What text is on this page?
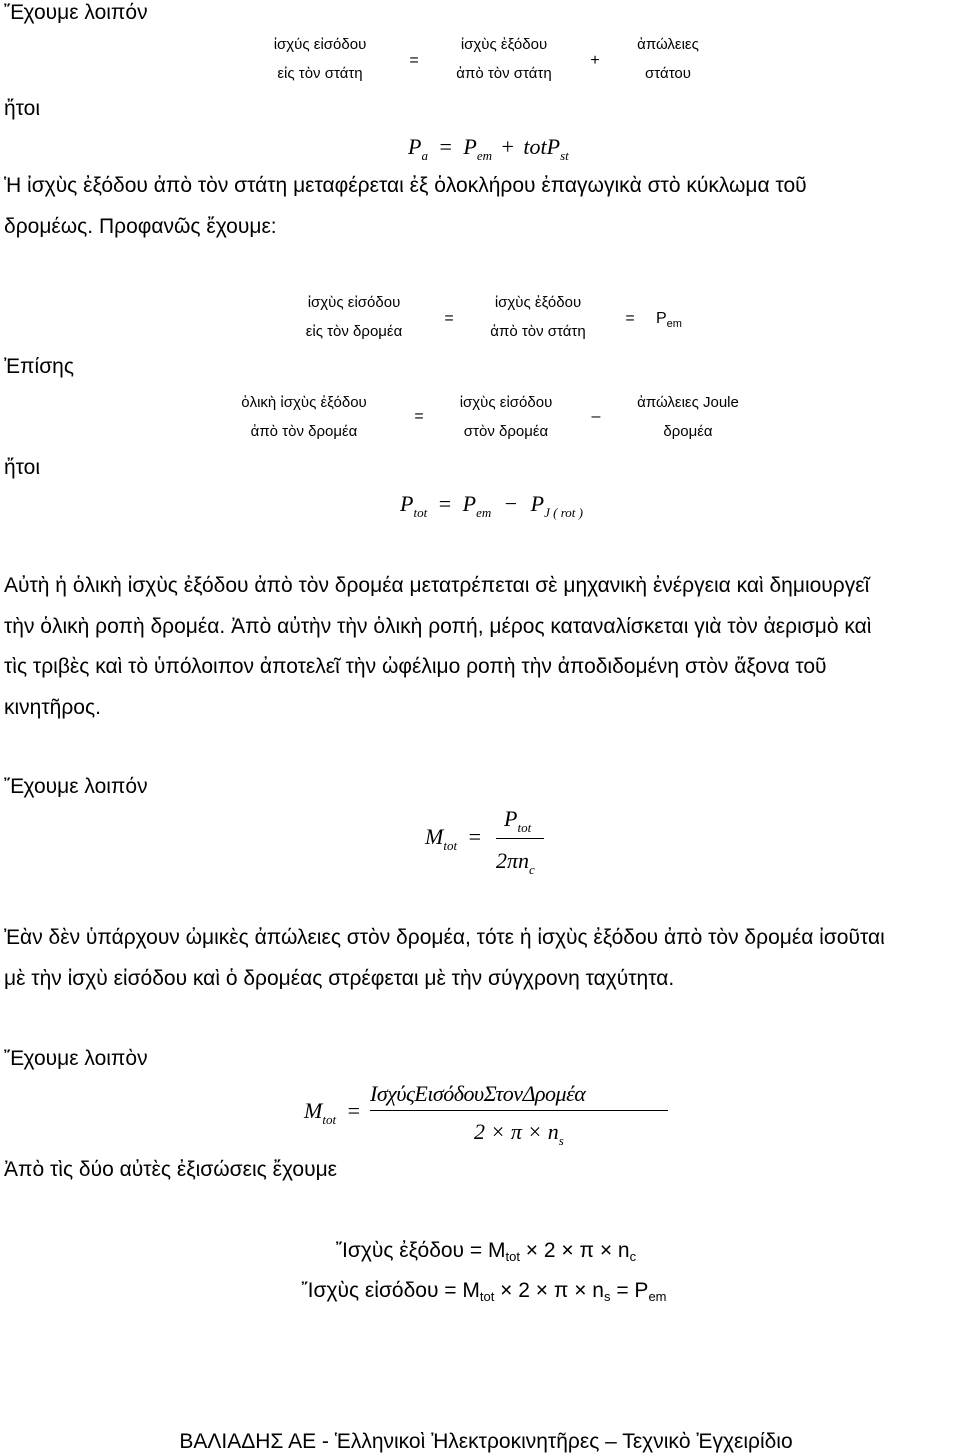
Ἔχουμε λοιπόν
ἰσχύς εἰσόδου
εἰς τὸν στάτη
=
ἰσχὺς ἐξόδου
ἀπὸ τὸν στάτη
+
ἀπώλειες
στάτου
ἤτοι
$P_a = P_{em}$ + totP$_{st}$
Ἡ ἰσχὺς ἐξόδου ἀπὸ τὸν στάτη μεταφέρεται ἐξ ὁλοκλήρου ἐπαγωγικὰ στὸ κύκλωμα τοῦ
δρομέως. Προφανῶς ἔχουμε:
ἰσχὺς εἰσόδου
εἰς τὸν δρομέα
=
ἰσχὺς ἐξόδου
ἀπὸ τὸν στάτη
= $P_{em}$
Ἐπίσης
ὁλικὴ ἰσχὺς ἐξόδου
ἀπὸ τὸν δρομέα
=
ἰσχὺς εἰσόδου
στὸν δρομέα
–
ἀπώλειες Joule
δρομέα
ἤτοι
$P_{tot} = P_{em} - P_{J ( rot )}$
Αὐτὴ ἡ ὁλικὴ ἰσχὺς ἐξόδου ἀπὸ τὸν δρομέα μετατρέπεται σὲ μηχανικὴ ἐνέργεια καὶ δημιουργεῖ
τὴν ὁλικὴ ροπὴ δρομέα. Ἀπὸ αὐτὴν τὴν ὁλικὴ ροπή, μέρος καταναλίσκεται γιὰ τὸν ἀερισμὸ καὶ
τὶς τριβὲς καὶ τὸ ὑπόλοιπον ἀποτελεῖ τὴν ὠφέλιμο ροπὴ τὴν ἀποδιδομένη στὸν ἄξονα τοῦ
κινητῆρος.
Ἔχουμε λοιπόν
$M_{tot}$ =
$P_{tot}$
$2\pi n_c$
Ἐὰν δὲν ὑπάρχουν ὠμικὲς ἀπώλειες στὸν δρομέα, τότε ἡ ἰσχὺς ἐξόδου ἀπὸ τὸν δρομέα ἰσοῦται
μὲ τὴν ἰσχὺ εἰσόδου καὶ ὁ δρομέας στρέφεται μὲ τὴν σύγχρονη ταχύτητα.
Ἔχουμε λοιπὸν
$M_{tot}$ =
ΙσχύςΕισόδουΣτονΔρομέα
$2 \times \pi \times n_s$
Ἀπὸ τὶς δύο αὐτὲς ἐξισώσεις ἔχουμε
Ἴσχὺς ἐξόδου = Mtot × 2 × π × nc
Ἴσχὺς εἰσόδου = Mtot × 2 × π × ns = Pem
ΒΑΛΙΑΔΗΣ ΑΕ - Ἑλληνικοὶ Ἠλεκτροκινητῆρες – Τεχνικὸ Ἐγχειρίδιο
